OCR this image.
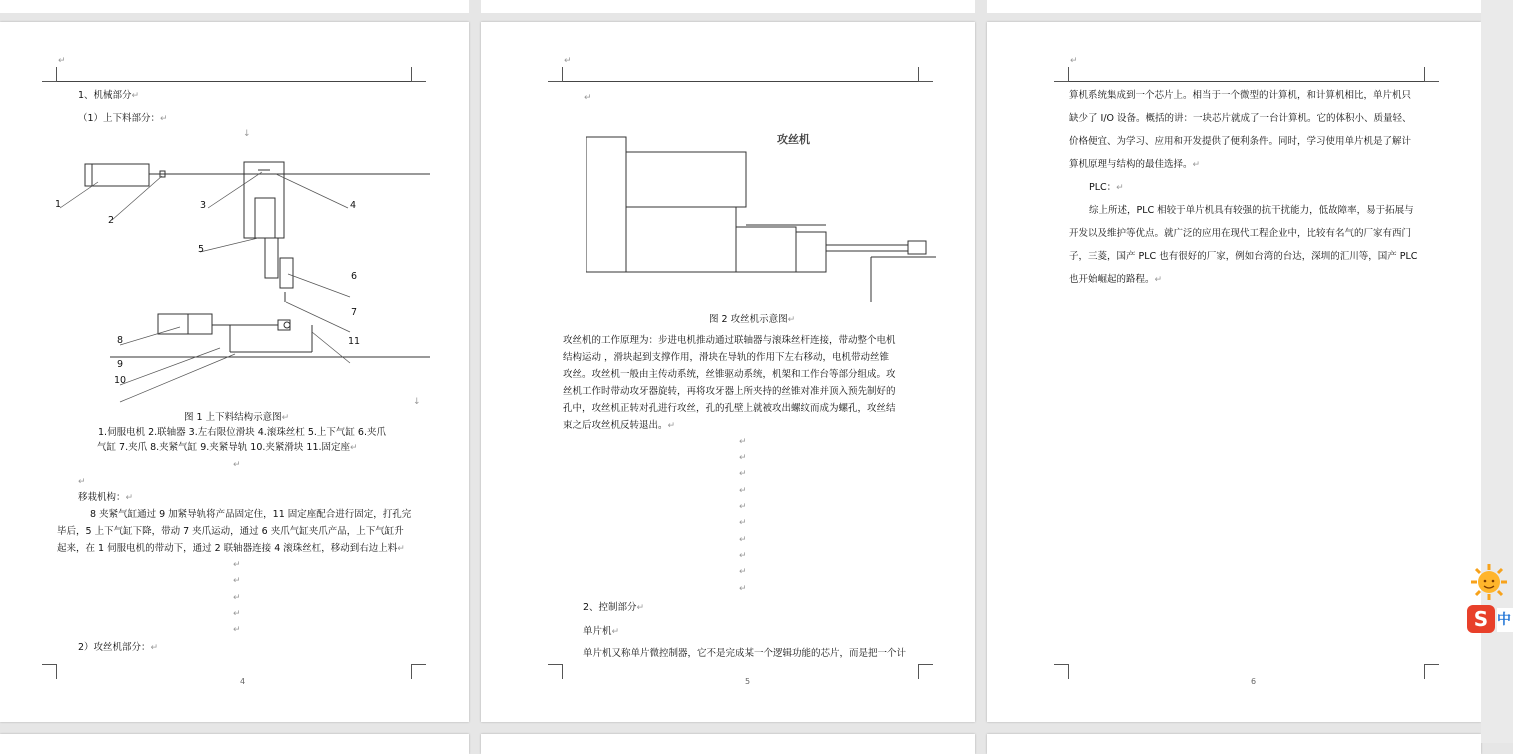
↵
1、机械部分↵
（1）上下料部分：↵
↓
1
2
3	4
5
6
7
8
9
10
11
↓
图 1 上下料结构示意图↵
1.伺服电机 2.联轴器 3.左右限位滑块 4.滚珠丝杠 5.上下气缸 6.夹爪
气缸 7.夹爪 8.夹紧气缸 9.夹紧导轨 10.夹紧滑块 11.固定座↵
↵
↵
移栽机构：↵
8 夹紧气缸通过 9 加紧导轨将产品固定住，11 固定座配合进行固定，打孔完
毕后，5 上下气缸下降，带动 7 夹爪运动，通过 6 夹爪气缸夹爪产品，上下气缸升
起来，在 1 伺服电机的带动下，通过 2 联轴器连接 4 滚珠丝杠，移动到右边上料↵
↵
↵
↵
↵
↵
2）攻丝机部分：↵
4
↵
↵
攻丝机
图 2 攻丝机示意图↵
攻丝机的工作原理为：步进电机推动通过联轴器与滚珠丝杆连接，带动整个电机
结构运动 ，滑块起到支撑作用，滑块在导轨的作用下左右移动，电机带动丝锥
攻丝。攻丝机一般由主传动系统，丝锥驱动系统，机架和工作台等部分组成。攻
丝机工作时带动攻牙器旋转，再将攻牙器上所夹持的丝锥对准并顶入预先制好的
孔中，攻丝机正转对孔进行攻丝，孔的孔壁上就被攻出螺纹而成为螺孔，攻丝结
束之后攻丝机反转退出。↵
↵
↵
↵
↵
↵
↵
↵
↵
↵
↵
2、控制部分↵
单片机↵
单片机又称单片微控制器，它不是完成某一个逻辑功能的芯片，而是把一个计
5
↵
算机系统集成到一个芯片上。相当于一个微型的计算机，和计算机相比，单片机只
缺少了 I/O 设备。概括的讲：一块芯片就成了一台计算机。它的体积小、质量轻、
价格便宜、为学习、应用和开发提供了便利条件。同时，学习使用单片机是了解计
算机原理与结构的最佳选择。↵
PLC：↵
综上所述，PLC 相较于单片机具有较强的抗干扰能力，低故障率，易于拓展与
开发以及维护等优点。就广泛的应用在现代工程企业中，比较有名气的厂家有西门
子，三菱，国产 PLC 也有很好的厂家，例如台湾的台达，深圳的汇川等，国产 PLC
也开始崛起的路程。↵
6
S 中
